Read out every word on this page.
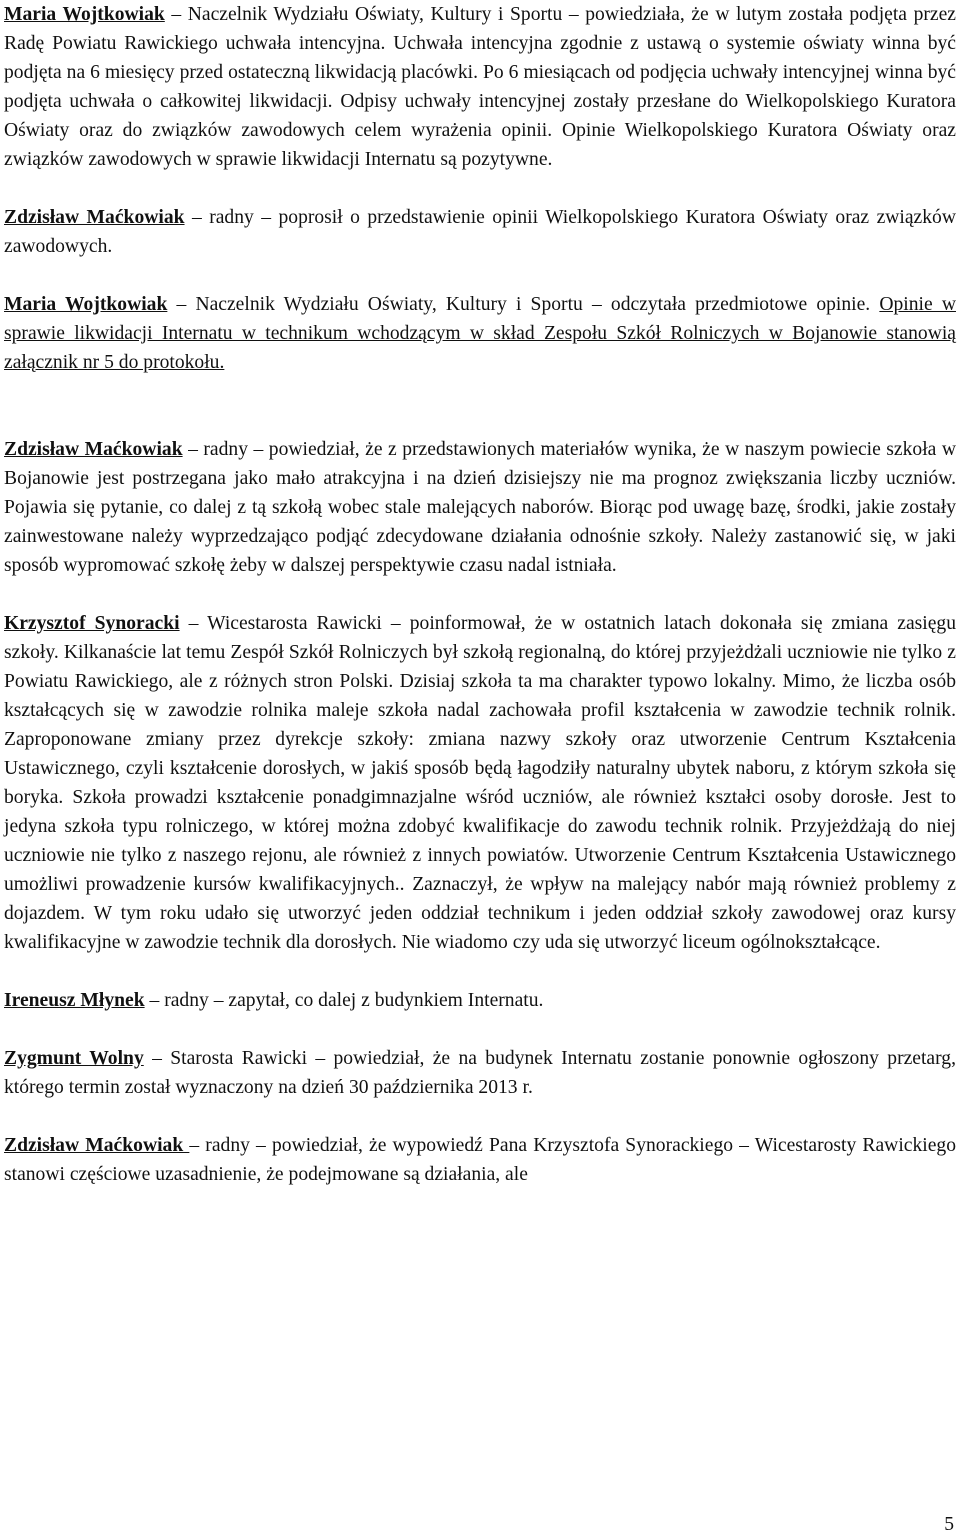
Maria Wojtkowiak – Naczelnik Wydziału Oświaty, Kultury i Sportu – powiedziała, że w lutym została podjęta przez Radę Powiatu Rawickiego uchwała intencyjna. Uchwała intencyjna zgodnie z ustawą o systemie oświaty winna być podjęta na 6 miesięcy przed ostateczną likwidacją placówki. Po 6 miesiącach od podjęcia uchwały intencyjnej winna być podjęta uchwała o całkowitej likwidacji. Odpisy uchwały intencyjnej zostały przesłane do Wielkopolskiego Kuratora Oświaty oraz do związków zawodowych celem wyrażenia opinii. Opinie Wielkopolskiego Kuratora Oświaty oraz związków zawodowych w sprawie likwidacji Internatu są pozytywne.

Zdzisław Maćkowiak – radny – poprosił o przedstawienie opinii Wielkopolskiego Kuratora Oświaty oraz związków zawodowych.

Maria Wojtkowiak – Naczelnik Wydziału Oświaty, Kultury i Sportu – odczytała przedmiotowe opinie. Opinie w sprawie likwidacji Internatu w technikum wchodzącym w skład Zespołu Szkół Rolniczych w Bojanowie stanowią załącznik nr 5 do protokołu.

Zdzisław Maćkowiak – radny – powiedział, że z przedstawionych materiałów wynika, że w naszym powiecie szkoła w Bojanowie jest postrzegana jako mało atrakcyjna i na dzień dzisiejszy nie ma prognoz zwiększania liczby uczniów. Pojawia się pytanie, co dalej z tą szkołą wobec stale malejących naborów. Biorąc pod uwagę bazę, środki, jakie zostały zainwestowane należy wyprzedzająco podjąć zdecydowane działania odnośnie szkoły. Należy zastanowić się, w jaki sposób wypromować szkołę żeby w dalszej perspektywie czasu nadal istniała.

Krzysztof Synoracki – Wicestarosta Rawicki – poinformował, że w ostatnich latach dokonała się zmiana zasięgu szkoły. Kilkanaście lat temu Zespół Szkół Rolniczych był szkołą regionalną, do której przyjeżdżali uczniowie nie tylko z Powiatu Rawickiego, ale z różnych stron Polski. Dzisiaj szkoła ta ma charakter typowo lokalny. Mimo, że liczba osób kształcących się w zawodzie rolnika maleje szkoła nadal zachowała profil kształcenia w zawodzie technik rolnik. Zaproponowane zmiany przez dyrekcje szkoły: zmiana nazwy szkoły oraz utworzenie Centrum Kształcenia Ustawicznego, czyli kształcenie dorosłych, w jakiś sposób będą łagodziły naturalny ubytek naboru, z którym szkoła się boryka. Szkoła prowadzi kształcenie ponadgimnazjalne wśród uczniów, ale również kształci osoby dorosłe. Jest to jedyna szkoła typu rolniczego, w której można zdobyć kwalifikacje do zawodu technik rolnik. Przyjeżdżają do niej uczniowie nie tylko z naszego rejonu, ale również z innych powiatów. Utworzenie Centrum Kształcenia Ustawicznego umożliwi prowadzenie kursów kwalifikacyjnych.. Zaznaczył, że wpływ na malejący nabór mają również problemy z dojazdem. W tym roku udało się utworzyć jeden oddział technikum i jeden oddział szkoły zawodowej oraz kursy kwalifikacyjne w zawodzie technik dla dorosłych. Nie wiadomo czy uda się utworzyć liceum ogólnokształcące.

Ireneusz Młynek – radny – zapytał, co dalej z budynkiem Internatu.

Zygmunt Wolny – Starosta Rawicki – powiedział, że na budynek Internatu zostanie ponownie ogłoszony przetarg, którego termin został wyznaczony na dzień 30 października 2013 r.

Zdzisław Maćkowiak – radny – powiedział, że wypowiedź Pana Krzysztofa Synorackiego – Wicestarosty Rawickiego stanowi częściowe uzasadnienie, że podejmowane są działania, ale

5
